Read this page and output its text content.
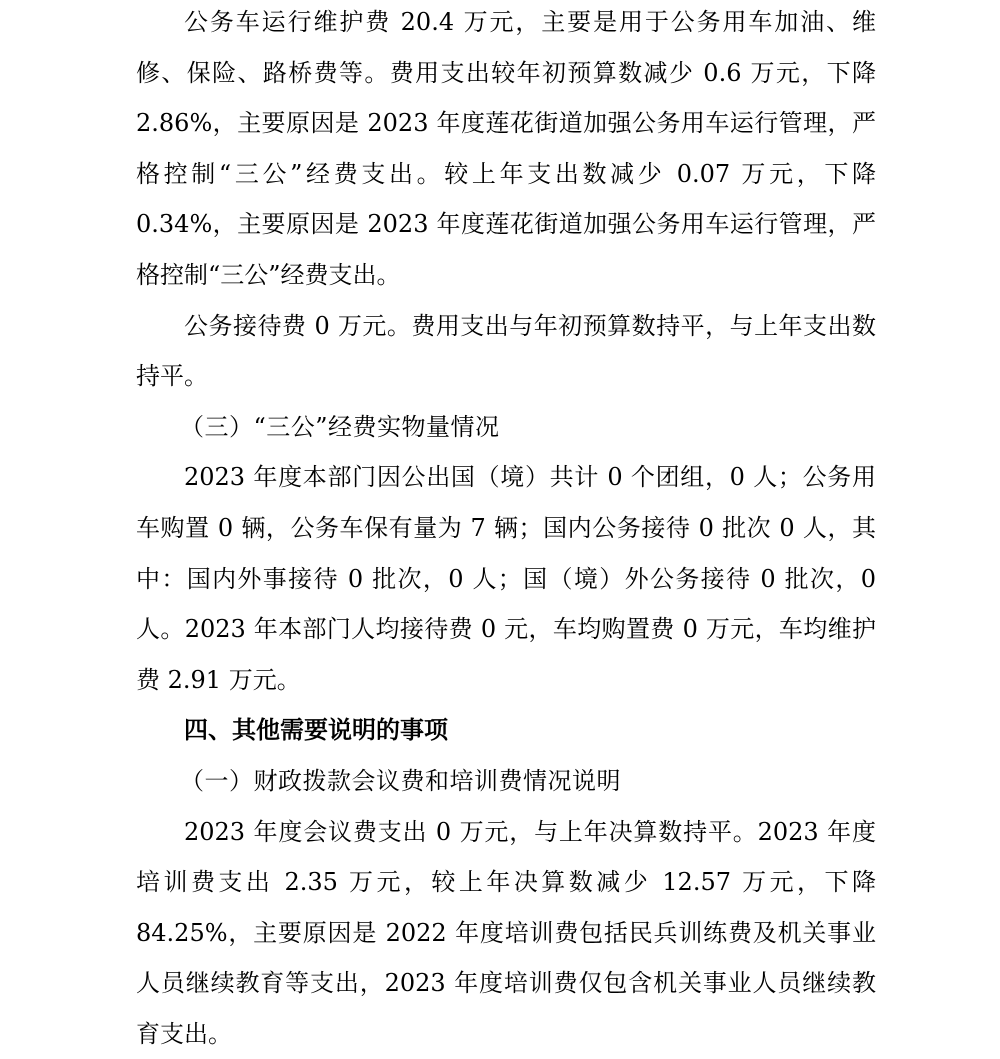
公务车运行维护费 20.4 万元，主要是用于公务用车加油、维修、保险、路桥费等。费用支出较年初预算数减少 0.6 万元，下降 2.86%，主要原因是 2023 年度莲花街道加强公务用车运行管理，严格控制“三公”经费支出。较上年支出数减少 0.07 万元，下降 0.34%，主要原因是 2023 年度莲花街道加强公务用车运行管理，严格控制“三公”经费支出。

公务接待费 0 万元。费用支出与年初预算数持平，与上年支出数持平。

（三）“三公”经费实物量情况

2023 年度本部门因公出国（境）共计 0 个团组，0 人；公务用车购置 0 辆，公务车保有量为 7 辆；国内公务接待 0 批次 0 人，其中：国内外事接待 0 批次，0 人；国（境）外公务接待 0 批次，0 人。2023 年本部门人均接待费 0 元，车均购置费 0 万元，车均维护费 2.91 万元。

四、其他需要说明的事项

（一）财政拨款会议费和培训费情况说明

2023 年度会议费支出 0 万元，与上年决算数持平。2023 年度培训费支出 2.35 万元，较上年决算数减少 12.57 万元，下降 84.25%，主要原因是 2022 年度培训费包括民兵训练费及机关事业人员继续教育等支出，2023 年度培训费仅包含机关事业人员继续教育支出。
